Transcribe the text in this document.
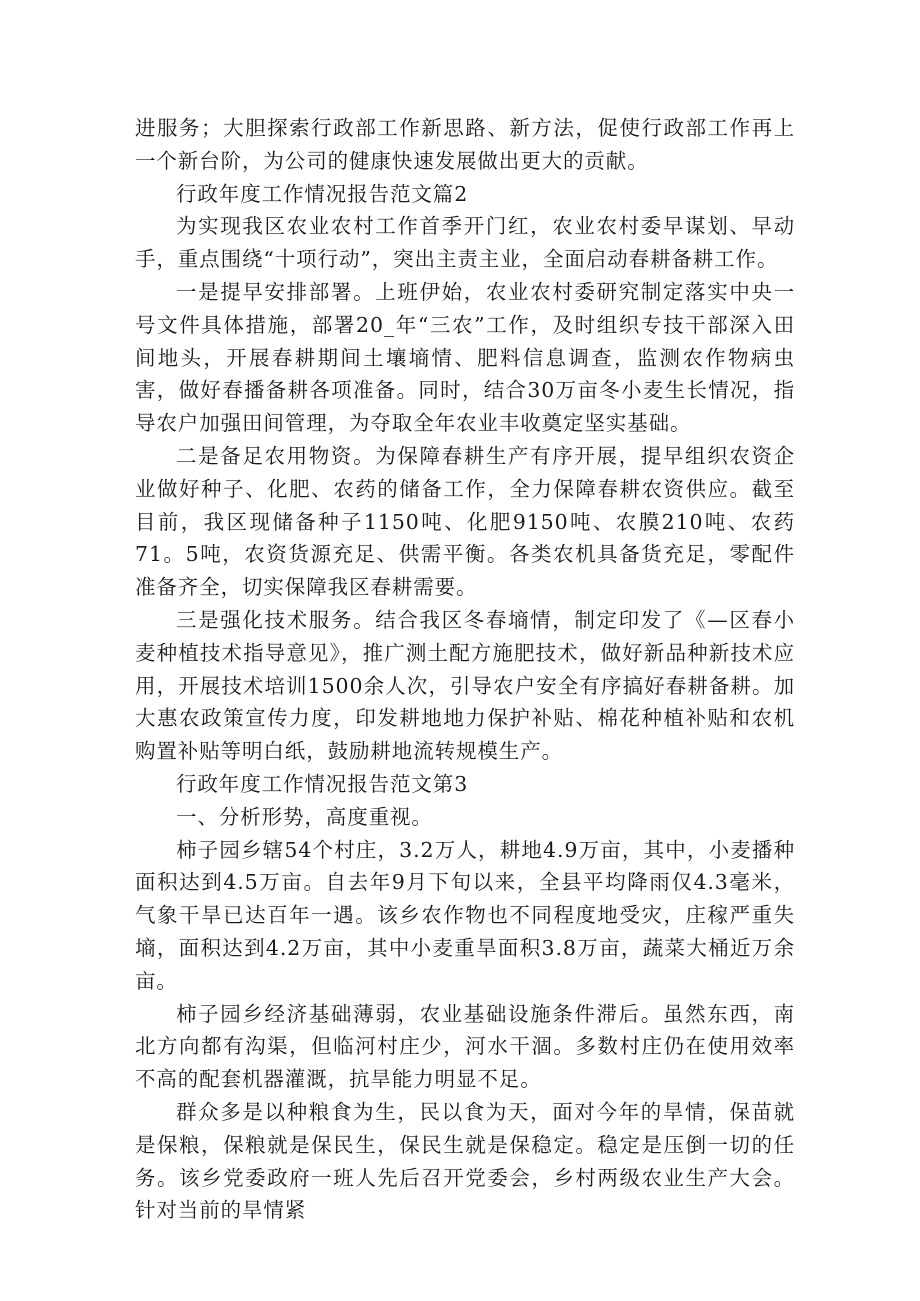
进服务；大胆探索行政部工作新思路、新方法，促使行政部工作再上一个新台阶，为公司的健康快速发展做出更大的贡献。

行政年度工作情况报告范文篇2

为实现我区农业农村工作首季开门红，农业农村委早谋划、早动手，重点围绕“十项行动”，突出主责主业，全面启动春耕备耕工作。

一是提早安排部署。上班伊始，农业农村委研究制定落实中央一号文件具体措施，部署20_年“三农”工作，及时组织专技干部深入田间地头，开展春耕期间土壤墒情、肥料信息调查，监测农作物病虫害，做好春播备耕各项准备。同时，结合30万亩冬小麦生长情况，指导农户加强田间管理，为夺取全年农业丰收奠定坚实基础。

二是备足农用物资。为保障春耕生产有序开展，提早组织农资企业做好种子、化肥、农药的储备工作，全力保障春耕农资供应。截至目前，我区现储备种子1150吨、化肥9150吨、农膜210吨、农药71。5吨，农资货源充足、供需平衡。各类农机具备货充足，零配件准备齐全，切实保障我区春耕需要。

三是强化技术服务。结合我区冬春墒情，制定印发了《—区春小麦种植技术指导意见》，推广测土配方施肥技术，做好新品种新技术应用，开展技术培训1500余人次，引导农户安全有序搞好春耕备耕。加大惠农政策宣传力度，印发耕地地力保护补贴、棉花种植补贴和农机购置补贴等明白纸，鼓励耕地流转规模生产。

行政年度工作情况报告范文第3

一、分析形势，高度重视。

柿子园乡辖54个村庄，3.2万人，耕地4.9万亩，其中，小麦播种面积达到4.5万亩。自去年9月下旬以来，全县平均降雨仅4.3毫米，气象干旱已达百年一遇。该乡农作物也不同程度地受灾，庄稼严重失墒，面积达到4.2万亩，其中小麦重旱面积3.8万亩，蔬菜大桶近万余亩。

柿子园乡经济基础薄弱，农业基础设施条件滞后。虽然东西，南北方向都有沟渠，但临河村庄少，河水干涸。多数村庄仍在使用效率不高的配套机器灌溉，抗旱能力明显不足。

群众多是以种粮食为生，民以食为天，面对今年的旱情，保苗就是保粮，保粮就是保民生，保民生就是保稳定。稳定是压倒一切的任务。该乡党委政府一班人先后召开党委会，乡村两级农业生产大会。针对当前的旱情紧
